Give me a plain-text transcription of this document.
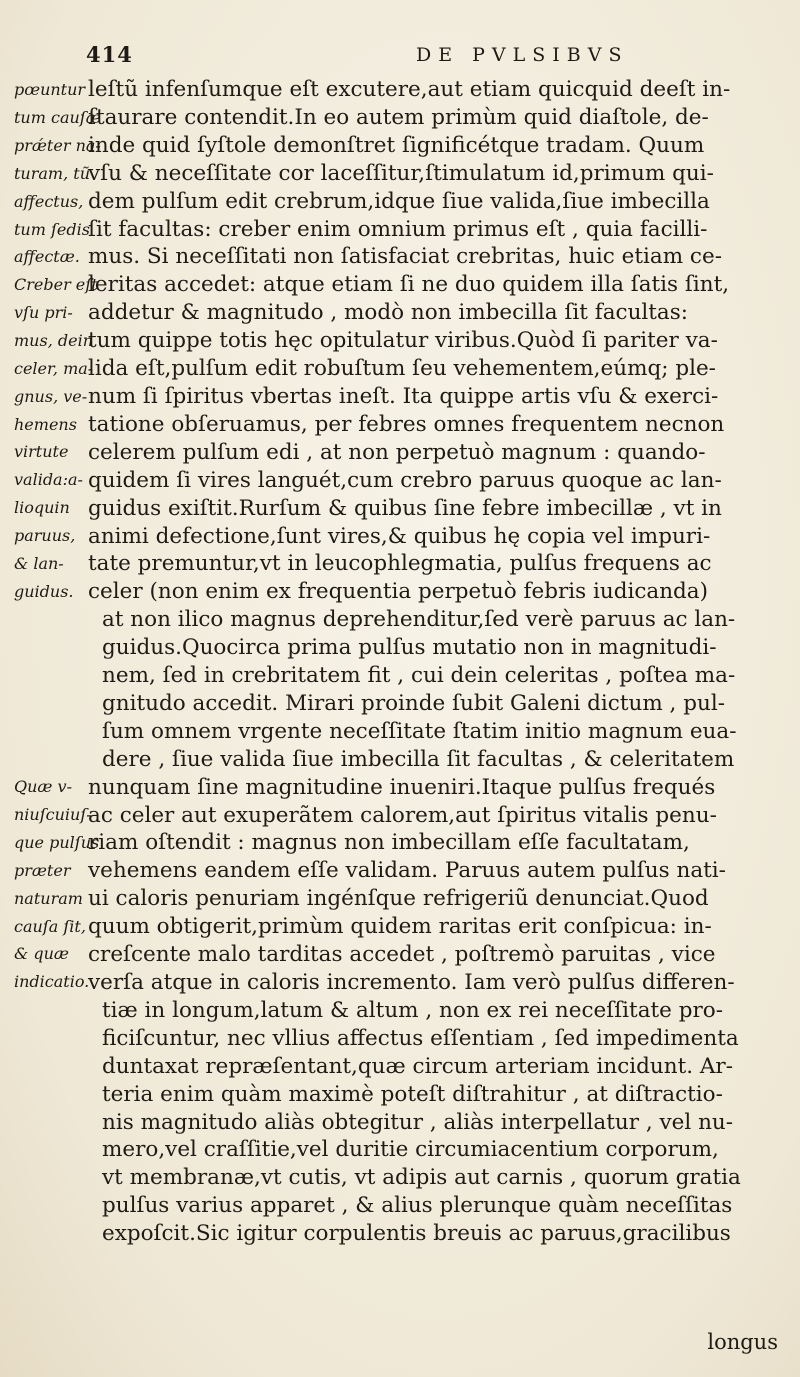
414	DE PVLSIBVS
pœuntur
tum cauſæ
prǽter na-
turam, tũ
affectus,
tum ſedis
affectæ.
Creber eſt
vſu pri-
mus, dein
celer, ma-
gnus, ve-
hemens
virtute
valida:a-
lioquin
paruus,
& lan-
guidus.
Quæ v-
niuſcuiuſ-
que pulſus
præter
naturam
cauſa ſit,
& quæ
indicatio.
leſtũ infenſumque eſt excutere,aut etiam quicquid deeſt in-
ſtaurare contendit.In eo autem primùm quid diaſtole, de-
inde quid ſyſtole demonſtret ſignificétque tradam. Quum
vſu & neceſſitate cor laceſſitur,ſtimulatum id,primum qui-
dem pulſum edit crebrum,idque ſiue valida,ſiue imbecilla
ſit facultas: creber enim omnium primus eſt , quia facilli-
mus. Si neceſſitati non ſatisfaciat crebritas, huic etiam ce-
leritas accedet: atque etiam ſi ne duo quidem illa ſatis ſint,
addetur & magnitudo , modò non imbecilla ſit facultas:
tum quippe totis hęc opitulatur viribus.Quòd ſi pariter va-
lida eſt,pulſum edit robuſtum ſeu vehementem,eúmq; ple-
num ſi ſpiritus vbertas ineſt. Ita quippe artis vſu & exerci-
tatione obſeruamus, per febres omnes frequentem necnon
celerem pulſum edi , at non perpetuò magnum : quando-
quidem ſi vires languét,cum crebro paruus quoque ac lan-
guidus exiſtit.Rurſum & quibus ſine febre imbecillæ , vt in
animi defectione,ſunt vires,& quibus hę copia vel impuri-
tate premuntur,vt in leucophlegmatia, pulſus frequens ac
celer (non enim ex frequentia perpetuò febris iudicanda)
at non ilico magnus deprehenditur,ſed verè paruus ac lan-
guidus.Quocirca prima pulſus mutatio non in magnitudi-
nem, ſed in crebritatem fit , cui dein celeritas , poſtea ma-
gnitudo accedit. Mirari proinde ſubit Galeni dictum , pul-
ſum omnem vrgente neceſſitate ſtatim initio magnum eua-
dere , ſiue valida ſiue imbecilla ſit facultas , & celeritatem
nunquam ſine magnitudine inueniri.Itaque pulſus frequés
ac celer aut exuperãtem calorem,aut ſpiritus vitalis penu-
riam oſtendit : magnus non imbecillam eſſe facultatam,
vehemens eandem eſſe validam. Paruus autem pulſus nati-
ui caloris penuriam ingénſque refrigeriũ denunciat.Quod
quum obtigerit,primùm quidem raritas erit conſpicua: in-
creſcente malo tarditas accedet , poſtremò paruitas , vice
verſa atque in caloris incremento. Iam verò pulſus differen-
tiæ in longum,latum & altum , non ex rei neceſſitate pro-
ficiſcuntur, nec vllius affectus eſſentiam , ſed impedimenta
duntaxat repræſentant,quæ circum arteriam incidunt. Ar-
teria enim quàm maximè poteſt diſtrahitur , at diſtractio-
nis magnitudo aliàs obtegitur , aliàs interpellatur , vel nu-
mero,vel craſſitie,vel duritie circumiacentium corporum,
vt membranæ,vt cutis, vt adipis aut carnis , quorum gratia
pulſus varius apparet , & alius plerunque quàm neceſſitas
expoſcit.Sic igitur corpulentis breuis ac paruus,gracilibus
longus
